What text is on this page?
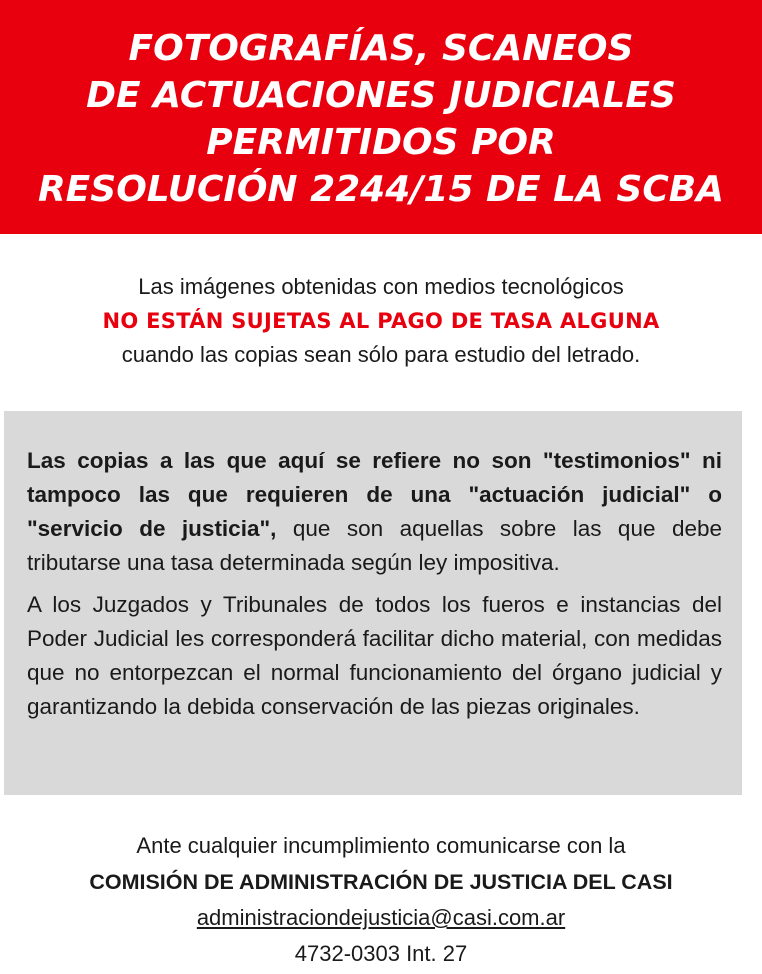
FOTOGRAFÍAS, SCANEOS
DE ACTUACIONES JUDICIALES
PERMITIDOS POR
RESOLUCIÓN 2244/15 DE LA SCBA
Las imágenes obtenidas con medios tecnológicos
NO ESTÁN SUJETAS AL PAGO DE TASA ALGUNA
cuando las copias sean sólo para estudio del letrado.

Las copias a las que aquí se refiere no son "testimonios" ni tampoco las que requieren de una "actuación judicial" o "servicio de justicia", que son aquellas sobre las que debe tributarse una tasa determinada según ley impositiva.

A los Juzgados y Tribunales de todos los fueros e instancias del Poder Judicial les corresponderá facilitar dicho material, con medidas que no entorpezcan el normal funcionamiento del órgano judicial y garantizando la debida conservación de las piezas originales.

Ante cualquier incumplimiento comunicarse con la
COMISIÓN DE ADMINISTRACIÓN DE JUSTICIA DEL CASI
administraciondejusticia@casi.com.ar
4732-0303 Int. 27
